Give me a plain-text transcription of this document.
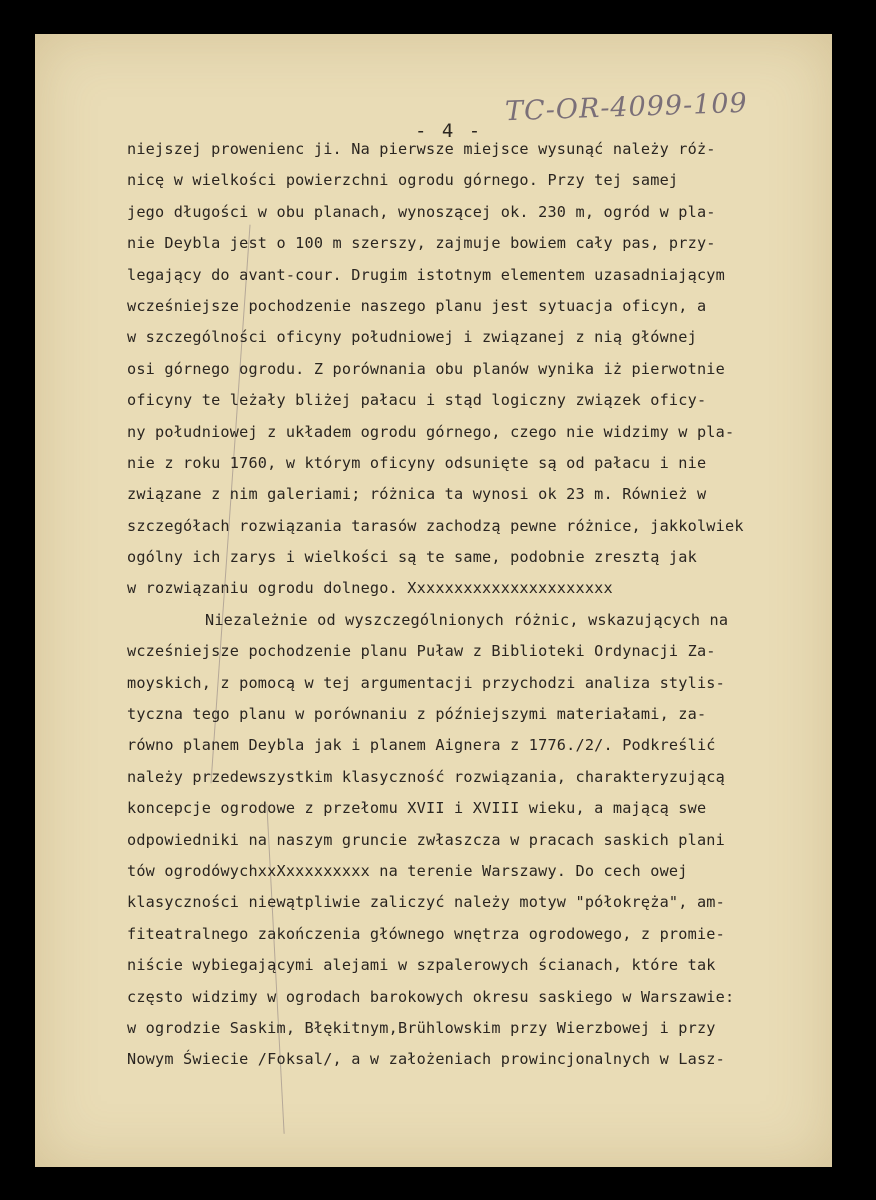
- 4 -
TC-OR-4099-109
niejszej prowenienc ji. Na pierwsze miejsce wysunąć należy róż-
nicę w wielkości powierzchni ogrodu górnego. Przy tej samej
jego długości w obu planach, wynoszącej ok. 230 m, ogród w pla-
nie Deybla jest o 100 m szerszy, zajmuje bowiem cały pas, przy-
legający do avant-cour. Drugim istotnym elementem uzasadniającym
wcześniejsze pochodzenie naszego planu jest sytuacja oficyn, a
w szczególności oficyny południowej i związanej z nią głównej
osi górnego ogrodu. Z porównania obu planów wynika iż pierwotnie
oficyny te leżały bliżej pałacu i stąd logiczny związek oficy-
ny południowej z układem ogrodu górnego, czego nie widzimy w pla-
nie z roku 1760, w którym oficyny odsunięte są od pałacu i nie
związane z nim galeriami; różnica ta wynosi ok 23 m. Również w
szczegółach rozwiązania tarasów zachodzą pewne różnice, jakkolwiek
ogólny ich zarys i wielkości są te same, podobnie zresztą jak
w rozwiązaniu ogrodu dolnego. Xxxxxxxxxxxxxxxxxxxxxx
Niezależnie od wyszczególnionych różnic, wskazujących na
wcześniejsze pochodzenie planu Puław z Biblioteki Ordynacji Za-
moyskich, z pomocą w tej argumentacji przychodzi analiza stylis-
tyczna tego planu w porównaniu z późniejszymi materiałami, za-
równo planem Deybla jak i planem Aignera z 1776./2/. Podkreślić
należy przedewszystkim klasyczność rozwiązania, charakteryzującą
koncepcje ogrodowe z przełomu XVII i XVIII wieku, a mającą swe
odpowiedniki na naszym gruncie zwłaszcza w pracach saskich plani
tów ogrodówychxxXxxxxxxxxx na terenie Warszawy. Do cech owej
klasyczności niewątpliwie zaliczyć należy motyw "półokręża", am-
fiteatralnego zakończenia głównego wnętrza ogrodowego, z promie-
niście wybiegającymi alejami w szpalerowych ścianach, które tak
często widzimy w ogrodach barokowych okresu saskiego w Warszawie:
w ogrodzie Saskim, Błękitnym,Brühlowskim przy Wierzbowej i przy
Nowym Świecie /Foksal/, a w założeniach prowincjonalnych w Lasz-
